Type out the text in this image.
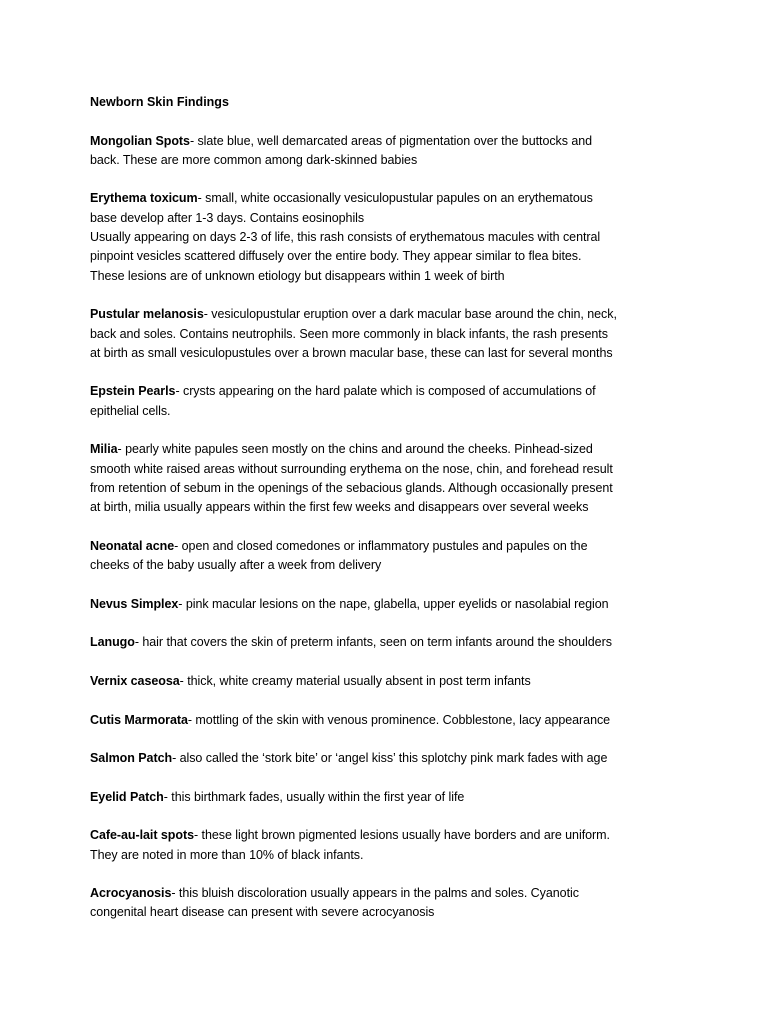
Newborn Skin Findings
Mongolian Spots- slate blue, well demarcated areas of pigmentation over the buttocks and
back. These are more common among dark-skinned babies
Erythema toxicum- small, white occasionally vesiculopustular papules on an erythematous
base develop after 1-3 days. Contains eosinophils
Usually appearing on days 2-3 of life, this rash consists of erythematous macules with central
pinpoint vesicles scattered diffusely over the entire body. They appear similar to flea bites.
These lesions are of unknown etiology but disappears within 1 week of birth
Pustular melanosis- vesiculopustular eruption over a dark macular base around the chin, neck,
back and soles. Contains neutrophils. Seen more commonly in black infants, the rash presents
at birth as small vesiculopustules over a brown macular base, these can last for several months
Epstein Pearls- crysts appearing on the hard palate which is composed of accumulations of
epithelial cells.
Milia- pearly white papules seen mostly on the chins and around the cheeks. Pinhead-sized
smooth white raised areas without surrounding erythema on the nose, chin, and forehead result
from retention of sebum in the openings of the sebacious glands. Although occasionally present
at birth, milia usually appears within the first few weeks and disappears over several weeks
Neonatal acne- open and closed comedones or inflammatory pustules and papules on the
cheeks of the baby usually after a week from delivery
Nevus Simplex- pink macular lesions on the nape, glabella, upper eyelids or nasolabial region
Lanugo- hair that covers the skin of preterm infants, seen on term infants around the shoulders
Vernix caseosa- thick, white creamy material usually absent in post term infants
Cutis Marmorata- mottling of the skin with venous prominence. Cobblestone, lacy appearance
Salmon Patch- also called the ‘stork bite’ or ‘angel kiss’ this splotchy pink mark fades with age
Eyelid Patch- this birthmark fades, usually within the first year of life
Cafe-au-lait spots- these light brown pigmented lesions usually have borders and are uniform.
They are noted in more than 10% of black infants.
Acrocyanosis- this bluish discoloration usually appears in the palms and soles. Cyanotic
congenital heart disease can present with severe acrocyanosis
